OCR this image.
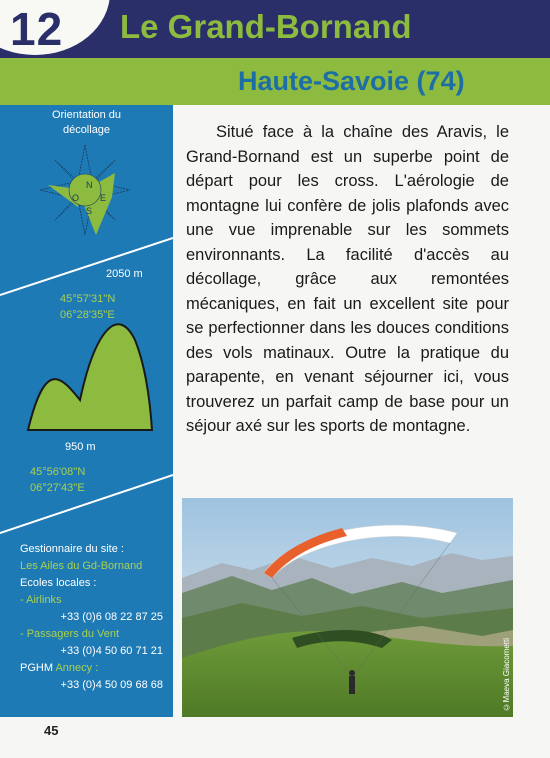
12 Le Grand-Bornand
Haute-Savoie (74)
Orientation du décollage
N
O E
S
2050 m
45°57'31''N
06°28'35''E
950 m
45°56'08''N
06°27'43''E
Gestionnaire du site :
Les Ailes du Gd-Bornand
Ecoles locales :
- Airlinks
+33 (0)6 08 22 87 25
- Passagers du Vent
+33 (0)4 50 60 71 21
PGHM Annecy :
+33 (0)4 50 09 68 68
Situé face à la chaîne des Aravis, le Grand-Bornand est un superbe point de départ pour les cross. L'aérologie de montagne lui confère de jolis plafonds avec une vue imprenable sur les sommets environnants. La facilité d'accès au décollage, grâce aux remontées mécaniques, en fait un excellent site pour se perfectionner dans les douces conditions des vols matinaux. Outre la pratique du parapente, en venant séjourner ici, vous trouverez un parfait camp de base pour un séjour axé sur les sports de montagne.
©Maeva Giacometti
45
